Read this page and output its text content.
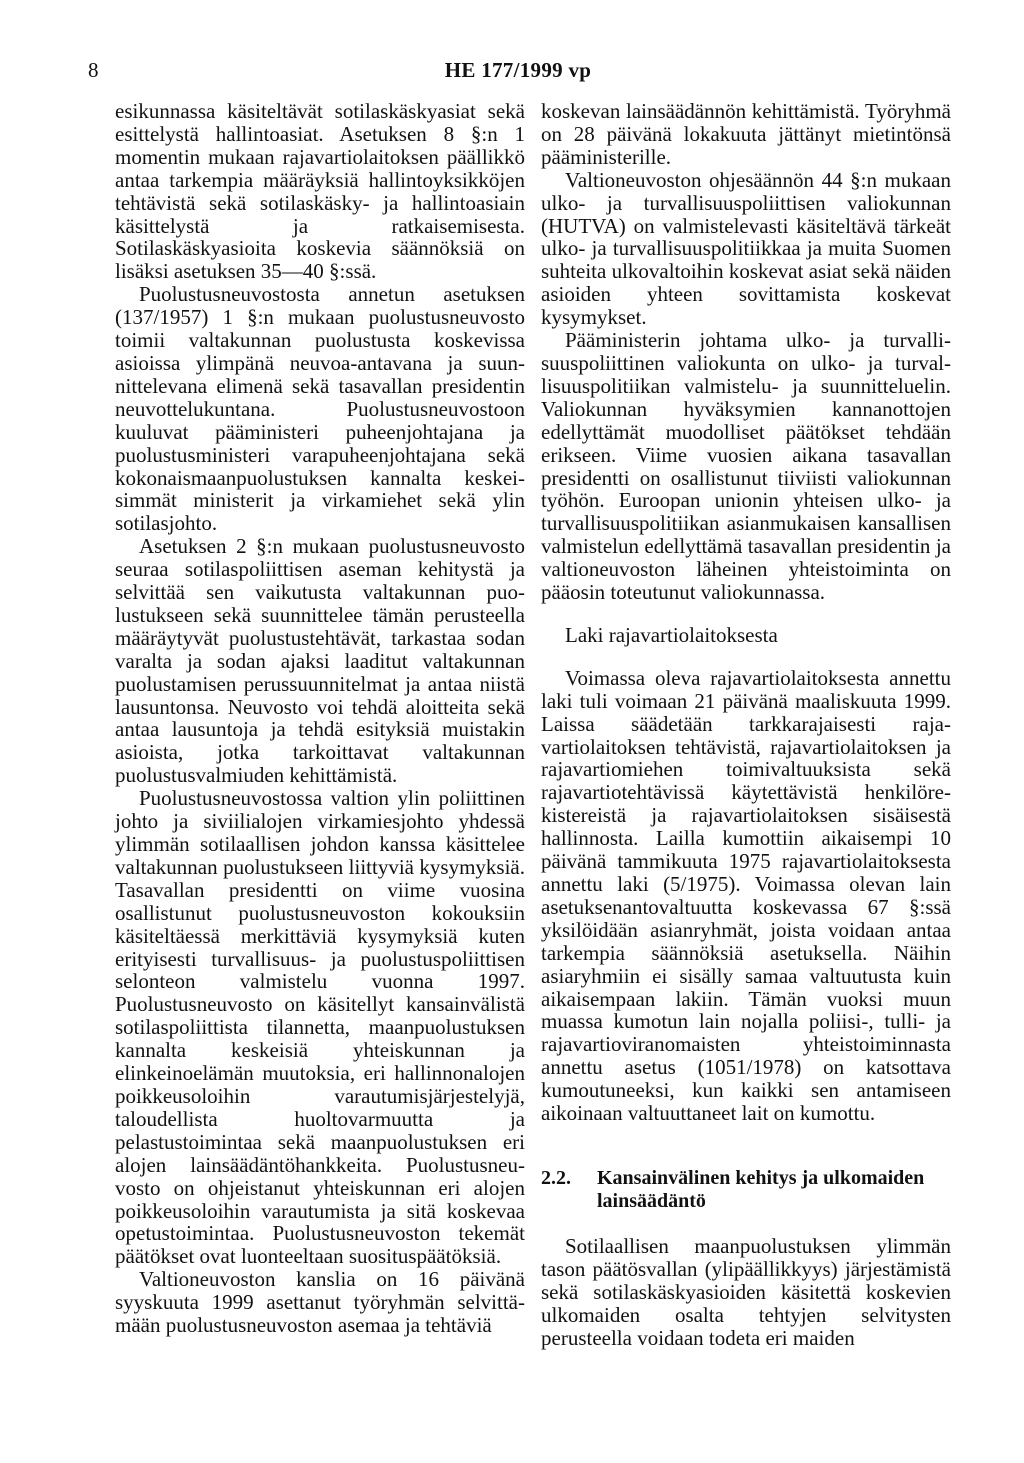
8	HE 177/1999 vp

esikunnassa käsiteltävät sotilaskäskyasiat sekä esittelystä hallintoasiat. Asetuksen 8 §:n 1 momentin mukaan rajavartiolaitoksen päällikkö antaa tarkempia määräyksiä hallintoyksikköjen tehtävistä sekä sotilaskäsky- ja hallintoasiain käsittelystä ja ratkaisemisesta. Sotilaskäskyasioita koskevia säännöksiä on lisäksi asetuksen 35—40 §:ssä.

Puolustusneuvostosta annetun asetuksen (137/1957) 1 §:n mukaan puolustusneuvosto toimii valtakunnan puolustusta koskevissa asioissa ylimpänä neuvoa-antavana ja suunnittelevana elimenä sekä tasavallan presidentin neuvottelukuntana. Puolustusneuvostoon kuuluvat pääministeri puheenjohtajana ja puolustusministeri varapuheenjohtajana sekä kokonaismaanpuolustuksen kannalta keskeisimmät ministerit ja virkamiehet sekä ylin sotilasjohto.

Asetuksen 2 §:n mukaan puolustusneuvosto seuraa sotilaspoliittisen aseman kehitystä ja selvittää sen vaikutusta valtakunnan puolustukseen sekä suunnittelee tämän perusteella määräytyvät puolustustehtävät, tarkastaa sodan varalta ja sodan ajaksi laaditut valtakunnan puolustamisen perussuunnitelmat ja antaa niistä lausuntonsa. Neuvosto voi tehdä aloitteita sekä antaa lausuntoja ja tehdä esityksiä muistakin asioista, jotka tarkoittavat valtakunnan puolustusvalmiuden kehittämistä.

Puolustusneuvostossa valtion ylin poliittinen johto ja siviilialojen virkamiesjohto yhdessä ylimmän sotilaallisen johdon kanssa käsittelee valtakunnan puolustukseen liittyviä kysymyksiä. Tasavallan presidentti on viime vuosina osallistunut puolustusneuvoston kokouksiin käsiteltäessä merkittäviä kysymyksiä kuten erityisesti turvallisuus- ja puolustuspoliittisen selonteon valmistelu vuonna 1997. Puolustusneuvosto on käsitellyt kansainvälistä sotilaspoliittista tilannetta, maanpuolustuksen kannalta keskeisiä yhteiskunnan ja elinkeinoelämän muutoksia, eri hallinnonalojen poikkeusoloihin varautumisjärjestelyjä, taloudellista huoltovarmuutta ja pelastustoimintaa sekä maanpuolustuksen eri alojen lainsäädäntöhankkeita. Puolustusneuvosto on ohjeistanut yhteiskunnan eri alojen poikkeusoloihin varautumista ja sitä koskevaa opetustoimintaa. Puolustusneuvoston tekemät päätökset ovat luonteeltaan suosituspäätöksiä.

Valtioneuvoston kanslia on 16 päivänä syyskuuta 1999 asettanut työryhmän selvittämään puolustusneuvoston asemaa ja tehtäviä

koskevan lainsäädännön kehittämistä. Työryhmä on 28 päivänä lokakuuta jättänyt mietintönsä pääministerille.

Valtioneuvoston ohjesäännön 44 §:n mukaan ulko- ja turvallisuuspoliittisen valiokunnan (HUTVA) on valmistelevasti käsiteltävä tärkeät ulko- ja turvallisuuspolitiikkaa ja muita Suomen suhteita ulkovaltoihin koskevat asiat sekä näiden asioiden yhteen sovittamista koskevat kysymykset.

Pääministerin johtama ulko- ja turvallisuuspoliittinen valiokunta on ulko- ja turvallisuuspolitiikan valmistelu- ja suunnitteluelin. Valiokunnan hyväksymien kannanottojen edellyttämät muodolliset päätökset tehdään erikseen. Viime vuosien aikana tasavallan presidentti on osallistunut tiiviisti valiokunnan työhön. Euroopan unionin yhteisen ulko- ja turvallisuuspolitiikan asianmukaisen kansallisen valmistelun edellyttämä tasavallan presidentin ja valtioneuvoston läheinen yhteistoiminta on pääosin toteutunut valiokunnassa.

Laki rajavartiolaitoksesta

Voimassa oleva rajavartiolaitoksesta annettu laki tuli voimaan 21 päivänä maaliskuuta 1999. Laissa säädetään tarkkarajaisesti rajavartiolaitoksen tehtävistä, rajavartiolaitoksen ja rajavartiomiehen toimivaltuuksista sekä rajavartiotehtävissä käytettävistä henkilörekistereistä ja rajavartiolaitoksen sisäisestä hallinnosta. Lailla kumottiin aikaisempi 10 päivänä tammikuuta 1975 rajavartiolaitoksesta annettu laki (5/1975). Voimassa olevan lain asetuksenantovaltuutta koskevassa 67 §:ssä yksilöidään asianryhmät, joista voidaan antaa tarkempia säännöksiä asetuksella. Näihin asiaryhmiin ei sisälly samaa valtuutusta kuin aikaisempaan lakiin. Tämän vuoksi muun muassa kumotun lain nojalla poliisi-, tulli- ja rajavartioviranomaisten yhteistoiminnasta annettu asetus (1051/1978) on katsottava kumoutuneeksi, kun kaikki sen antamiseen aikoinaan valtuuttaneet lait on kumottu.

2.2.	Kansainvälinen kehitys ja ulkomaiden lainsäädäntö

Sotilaallisen maanpuolustuksen ylimmän tason päätösvallan (ylipäällikkyys) järjestämistä sekä sotilaskäskyasioiden käsitettä koskevien ulkomaiden osalta tehtyjen selvitysten perusteella voidaan todeta eri maiden
